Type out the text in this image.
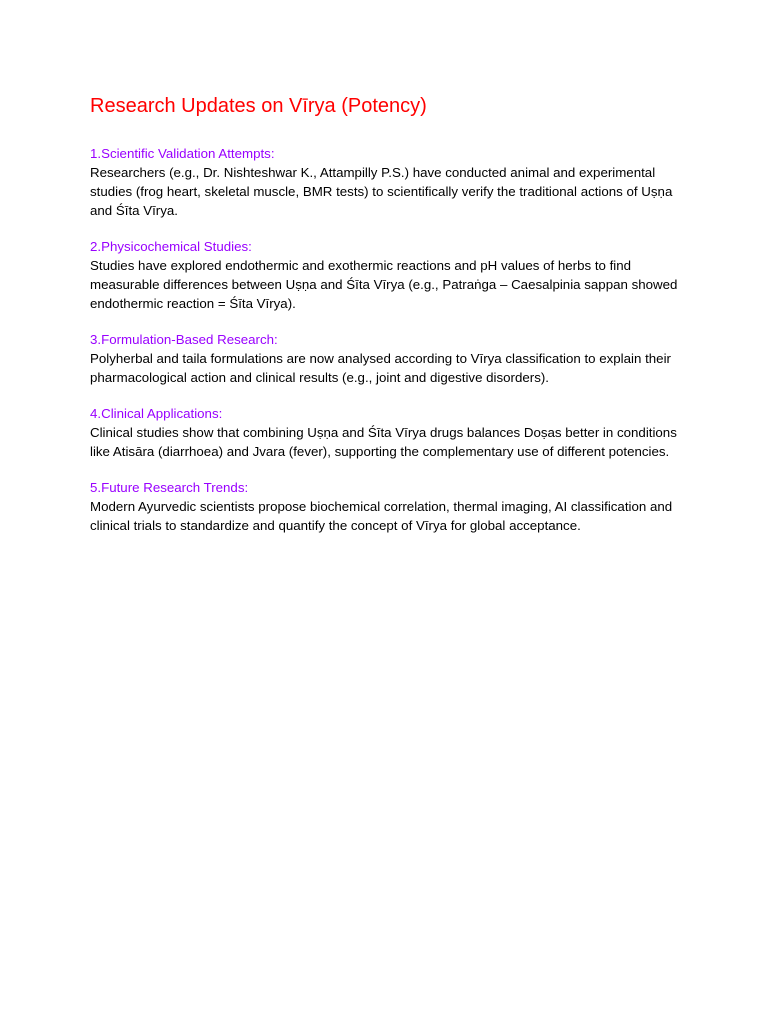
Research Updates on Vīrya (Potency)

1.Scientific Validation Attempts:

Researchers (e.g., Dr. Nishteshwar K., Attampilly P.S.) have conducted animal and experimental studies (frog heart, skeletal muscle, BMR tests) to scientifically verify the traditional actions of Uṣṇa and Śīta Vīrya.

2.Physicochemical Studies:

Studies have explored endothermic and exothermic reactions and pH values of herbs to find measurable differences between Uṣṇa and Śīta Vīrya (e.g., Patraṅga – Caesalpinia sappan showed endothermic reaction = Śīta Vīrya).

3.Formulation-Based Research:

Polyherbal and taila formulations are now analysed according to Vīrya classification to explain their pharmacological action and clinical results (e.g., joint and digestive disorders).

4.Clinical Applications:

Clinical studies show that combining Uṣṇa and Śīta Vīrya drugs balances Doṣas better in conditions like Atisāra (diarrhoea) and Jvara (fever), supporting the complementary use of different potencies.

5.Future Research Trends:

Modern Ayurvedic scientists propose biochemical correlation, thermal imaging, AI classification and clinical trials to standardize and quantify the concept of Vīrya for global acceptance.
